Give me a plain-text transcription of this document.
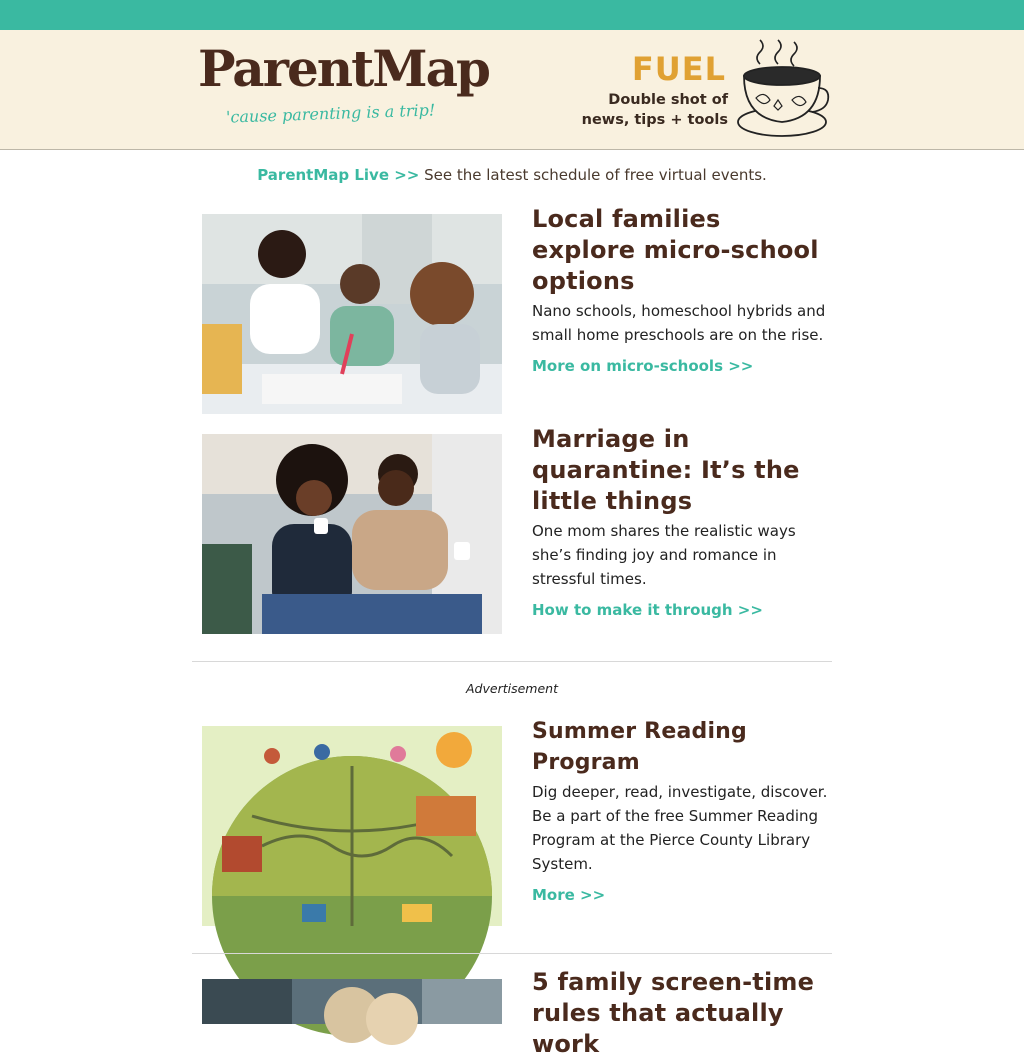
ParentMap
'cause parenting is a trip!
FUEL
Double shot of
news, tips + tools
ParentMap Live >> See the latest schedule of free virtual events.
Local families explore micro-school options
Nano schools, homeschool hybrids and small home preschools are on the rise.
More on micro-schools >>
Marriage in quarantine: It’s the little things
One mom shares the realistic ways she’s finding joy and romance in stressful times.
How to make it through >>
Advertisement
Summer Reading Program
Dig deeper, read, investigate, discover. Be a part of the free Summer Reading Program at the Pierce County Library System.
More >>
5 family screen-time rules that actually work
